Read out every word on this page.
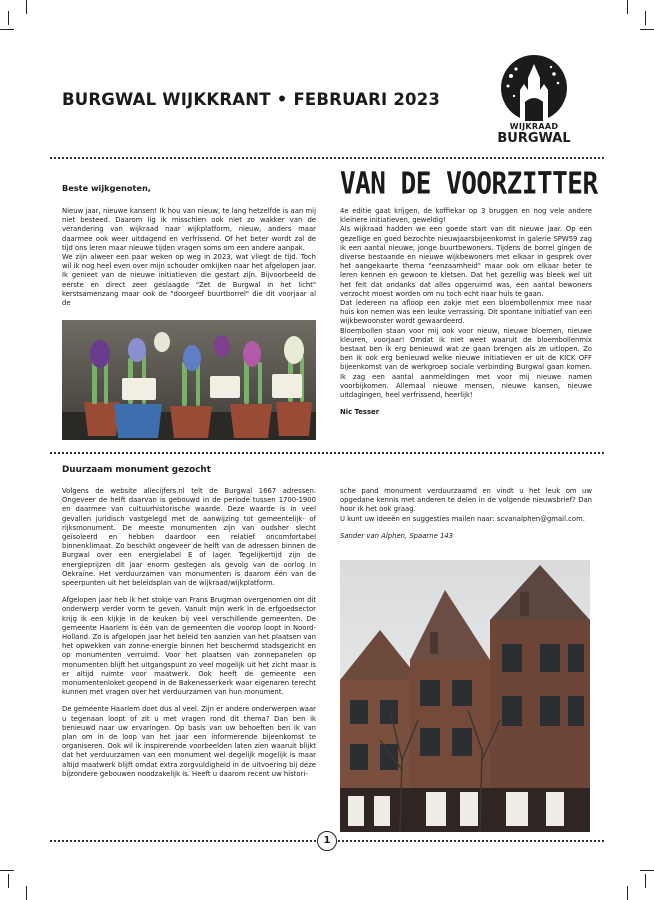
BURGWAL WIJKKRANT • FEBRUARI 2023
WIJKRAAD
BURGWAL
Beste wijkgenoten,	VAN DE VOORZITTER

Nieuw jaar, nieuwe kansen! Ik hou van nieuw, te lang hetzelfde is aan mij niet besteed. Daarom lig ik misschien ook niet zo wakker van de verandering van wijkraad naar wijkplatform, nieuw, anders maar daarmee ook weer uitdagend en verfrissend. Of het beter wordt zal de tijd ons leren maar nieuwe tijden vragen soms om een andere aanpak.

We zijn alweer een paar weken op weg in 2023, wat vliegt de tijd. Toch wil ik nog heel even over mijn schouder omkijken naar het afgelopen jaar. Ik genieet van de nieuwe initiatieven die gestart zijn. Bijvoorbeeld de eerste en direct zeer geslaagde "Zet de Burgwal in het licht" kerstsamenzang maar ook de "doorgeef buurtborrel" die dit voorjaar al de

4e editie gaat krijgen, de koffiekar op 3 bruggen en nog vele andere kleinere initiatieven, geweldig!

Als wijkraad hadden we een goede start van dit nieuwe jaar. Op een gezellige en goed bezochte nieuwjaarsbijeenkomst in galerie SPW59 zag ik een aantal nieuwe, jonge buurtbewoners. Tijdens de borrel gingen de diverse bestaande en nieuwe wijkbewoners met elkaar in gesprek over het aangekaarte thema "eenzaamheid" maar ook om elkaar beter te leren kennen en gewoon te kletsen. Dat het gezellig was bleek wel uit het feit dat ondanks dat alles opgeruimd was, een aantal bewoners verzocht moest worden om nu toch echt naar huis te gaan.

Dat iedereen na afloop een zakje met een bloembollenmix mee naar huis kon nemen was een leuke verrassing. Dit spontane initiatief van een wijkbewoonster wordt gewaardeerd.

Bloembollen staan voor mij ook voor nieuw, nieuwe bloemen, nieuwe kleuren, voorjaar! Omdat ik niet weet waaruit de bloembollenmix bestaat ben ik erg benieuwd wat ze gaan brengen als ze uitlopen. Zo ben ik ook erg benieuwd welke nieuwe initiatieven er uit de KICK OFF bijeenkomst van de werkgroep sociale verbinding Burgwal gaan komen. Ik zag een aantal aanmeldingen met voor mij nieuwe namen voorbijkomen. Allemaal nieuwe mensen, nieuwe kansen, nieuwe uitdagingen, heel verfrissend, heerlijk!

Nic Tesser

Duurzaam monument gezocht

Volgens de website allecijfers.nl telt de Burgwal 1667 adressen. Ongeveer de helft daarvan is gebouwd in de periode tussen 1700-1900 en daarmee van cultuurhistorische waarde. Deze waarde is in veel gevallen juridisch vastgelegd met de aanwijzing tot gemeentelijk- of rijksmonument. De meeste monumenten zijn van oudsher slecht geïsoleerd en hebben daardoor een relatief oncomfortabel binnenklimaat. Zo beschikt ongeveer de helft van de adressen binnen de Burgwal over een energielabel E of lager. Tegelijkertijd zijn de energieprijzen dit jaar enorm gestegen als gevolg van de oorlog in Oekraïne. Het verduurzamen van monumenten is daarom één van de speerpunten uit het beleidsplan van de wijkraad/wijkplatform.

Afgelopen jaar heb ik het stokje van Frans Brugman overgenomen om dit onderwerp verder vorm te geven. Vanuit mijn werk in de erfgoedsector krijg ik een kijkje in de keuken bij veel verschillende gemeenten. De gemeente Haarlem is één van de gemeenten die voorop loopt in Noord-Holland. Zo is afgelopen jaar het beleid ten aanzien van het plaatsen van het opwekken van zonne-energie binnen het beschermd stadsgezicht en op monumenten verruimd. Voor het plaatsen van zonnepanelen op monumenten blijft het uitgangspunt zo veel mogelijk uit het zicht maar is er altijd ruimte voor maatwerk. Ook heeft de gemeente een monumentenloket geopend in de Bakenesserkerk waar eigenaren terecht kunnen met vragen over het verduurzamen van hun monument.

De gemeente Haarlem doet dus al veel. Zijn er andere onderwerpen waar u tegenaan loopt of zit u met vragen rond dit thema? Dan ben ik benieuwd naar uw ervaringen. Op basis van uw behoeften ben ik van plan om in de loop van het jaar een informerende bijeenkomst te organiseren. Ook wil ik inspirerende voorbeelden laten zien waaruit blijkt dat het verduurzamen van een monument wel degelijk mogelijk is maar altijd maatwerk blijft omdat extra zorgvuldigheid in de uitvoering bij deze bijzondere gebouwen noodzakelijk is. Heeft u daarom recent uw histori-

sche pand monument verduurzaamd en vindt u het leuk om uw opgedane kennis met anderen te delen in de volgende nieuwsbrief? Dan hoor ik het ook graag.

U kunt uw ideeën en suggesties mailen naar: scvanalphen@gmail.com.

Sander van Alphen, Spaarne 143

1
